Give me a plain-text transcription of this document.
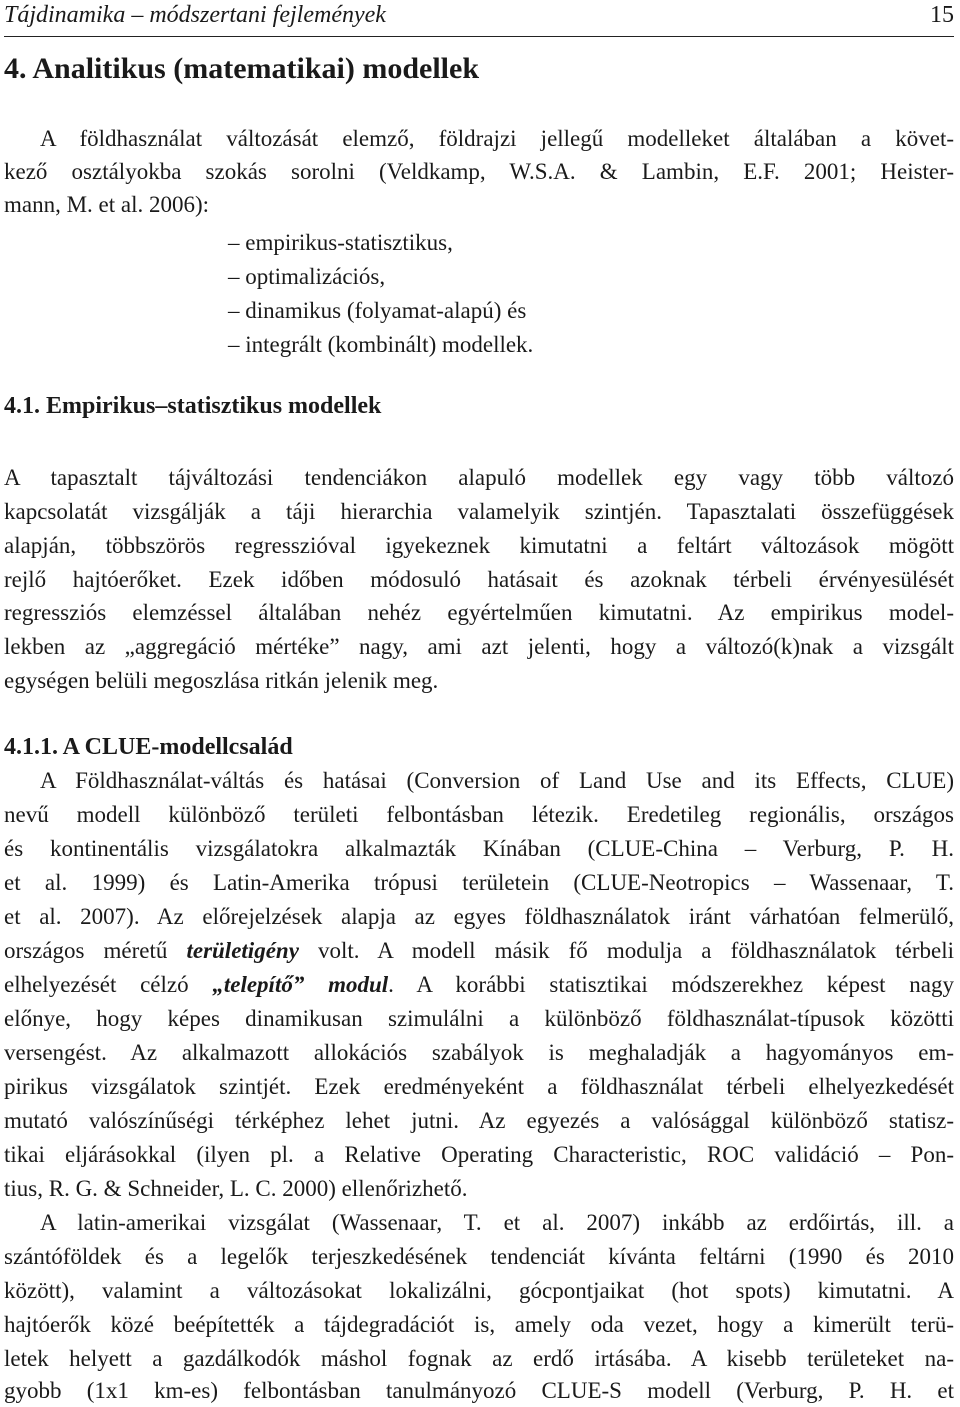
Tájdinamika – módszertani fejlemények	15
4. Analitikus (matematikai) modellek
A földhasználat változását elemző, földrajzi jellegű modelleket általában a követ-
kező osztályokba szokás sorolni (Veldkamp, W.S.A. & Lambin, E.F. 2001; Heister-
mann, M. et al. 2006):
– empirikus-statisztikus,
– optimalizációs,
– dinamikus (folyamat-alapú) és
– integrált (kombinált) modellek.
4.1. Empirikus–statisztikus modellek
A tapasztalt tájváltozási tendenciákon alapuló modellek egy vagy több változó
kapcsolatát vizsgálják a táji hierarchia valamelyik szintjén. Tapasztalati összefüggések
alapján, többszörös regresszióval igyekeznek kimutatni a feltárt változások mögött
rejlő hajtóerőket. Ezek időben módosuló hatásait és azoknak térbeli érvényesülését
regressziós elemzéssel általában nehéz egyértelműen kimutatni. Az empirikus model-
lekben az „aggregáció mértéke” nagy, ami azt jelenti, hogy a változó(k)nak a vizsgált
egységen belüli megoszlása ritkán jelenik meg.
4.1.1. A CLUE-modellcsalád
A Földhasználat-váltás és hatásai (Conversion of Land Use and its Effects, CLUE)
nevű modell különböző területi felbontásban létezik. Eredetileg regionális, országos
és kontinentális vizsgálatokra alkalmazták Kínában (CLUE-China – Verburg, P. H.
et al. 1999) és Latin-Amerika trópusi területein (CLUE-Neotropics – Wassenaar, T.
et al. 2007). Az előrejelzések alapja az egyes földhasználatok iránt várhatóan felmerülő,
országos méretű területigény volt. A modell másik fő modulja a földhasználatok térbeli
elhelyezését célzó „telepítő” modul. A korábbi statisztikai módszerekhez képest nagy
előnye, hogy képes dinamikusan szimulálni a különböző földhasználat-típusok közötti
versengést. Az alkalmazott allokációs szabályok is meghaladják a hagyományos em-
pirikus vizsgálatok szintjét. Ezek eredményeként a földhasználat térbeli elhelyezkedését
mutató valószínűségi térképhez lehet jutni. Az egyezés a valósággal különböző statisz-
tikai eljárásokkal (ilyen pl. a Relative Operating Characteristic, ROC validáció – Pon-
tius, R. G. & Schneider, L. C. 2000) ellenőrizhető.
A latin-amerikai vizsgálat (Wassenaar, T. et al. 2007) inkább az erdőirtás, ill. a
szántóföldek és a legelők terjeszkedésének tendenciát kívánta feltárni (1990 és 2010
között), valamint a változásokat lokalizálni, gócpontjaikat (hot spots) kimutatni. A
hajtóerők közé beépítették a tájdegradációt is, amely oda vezet, hogy a kimerült terü-
letek helyett a gazdálkodók máshol fognak az erdő irtásába. A kisebb területeket na-
gyobb (1x1 km-es) felbontásban tanulmányozó CLUE-S modell (Verburg, P. H. et
